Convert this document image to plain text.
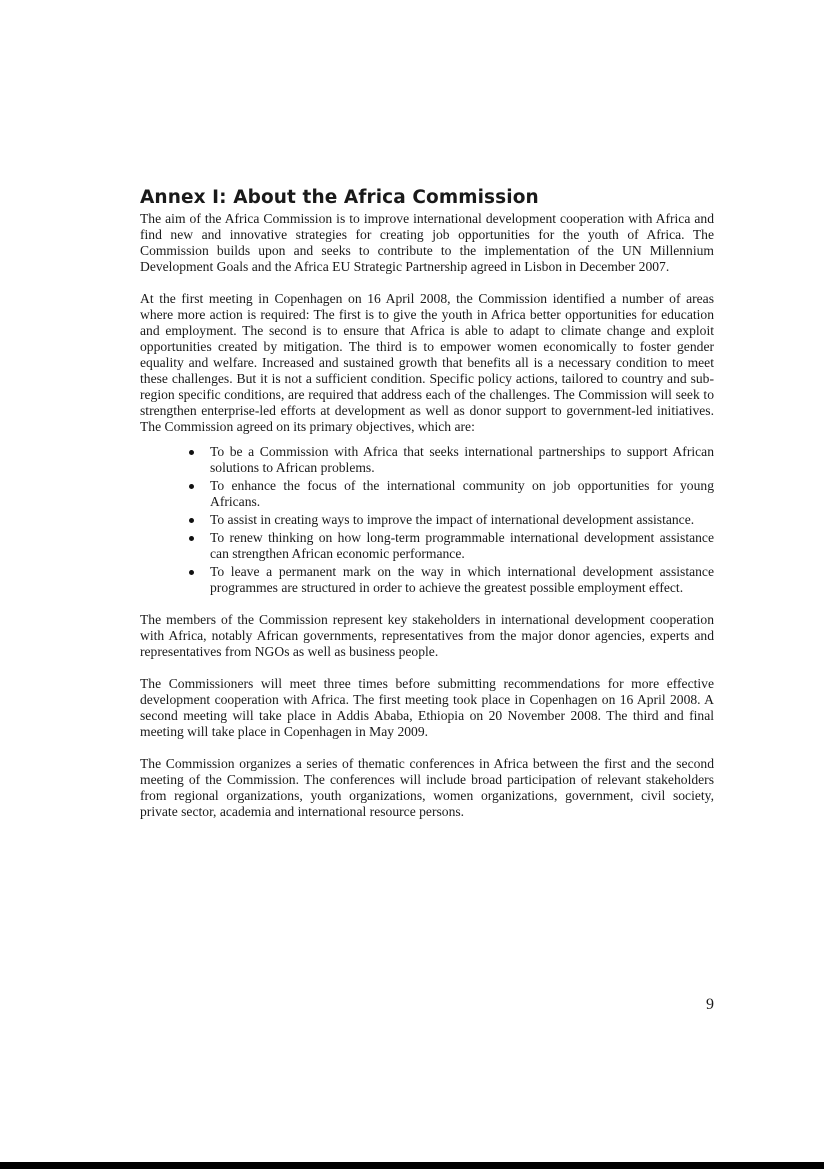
Annex I: About the Africa Commission

The aim of the Africa Commission is to improve international development cooperation with Africa and find new and innovative strategies for creating job opportunities for the youth of Africa. The Commission builds upon and seeks to contribute to the implementation of the UN Millennium Development Goals and the Africa EU Strategic Partnership agreed in Lisbon in December 2007.

At the first meeting in Copenhagen on 16 April 2008, the Commission identified a number of areas where more action is required: The first is to give the youth in Africa better opportunities for education and employment. The second is to ensure that Africa is able to adapt to climate change and exploit opportunities created by mitigation. The third is to empower women economically to foster gender equality and welfare. Increased and sustained growth that benefits all is a necessary condition to meet these challenges. But it is not a sufficient condition. Specific policy actions, tailored to country and sub-region specific conditions, are required that address each of the challenges. The Commission will seek to strengthen enterprise-led efforts at development as well as donor support to government-led initiatives. The Commission agreed on its primary objectives, which are:

To be a Commission with Africa that seeks international partnerships to support African solutions to African problems.
To enhance the focus of the international community on job opportunities for young Africans.
To assist in creating ways to improve the impact of international development assistance.
To renew thinking on how long-term programmable international development assistance can strengthen African economic performance.
To leave a permanent mark on the way in which international development assistance programmes are structured in order to achieve the greatest possible employment effect.

The members of the Commission represent key stakeholders in international development cooperation with Africa, notably African governments, representatives from the major donor agencies, experts and representatives from NGOs as well as business people.

The Commissioners will meet three times before submitting recommendations for more effective development cooperation with Africa. The first meeting took place in Copenhagen on 16 April 2008. A second meeting will take place in Addis Ababa, Ethiopia on 20 November 2008. The third and final meeting will take place in Copenhagen in May 2009.

The Commission organizes a series of thematic conferences in Africa between the first and the second meeting of the Commission. The conferences will include broad participation of relevant stakeholders from regional organizations, youth organizations, women organizations, government, civil society, private sector, academia and international resource persons.

9
